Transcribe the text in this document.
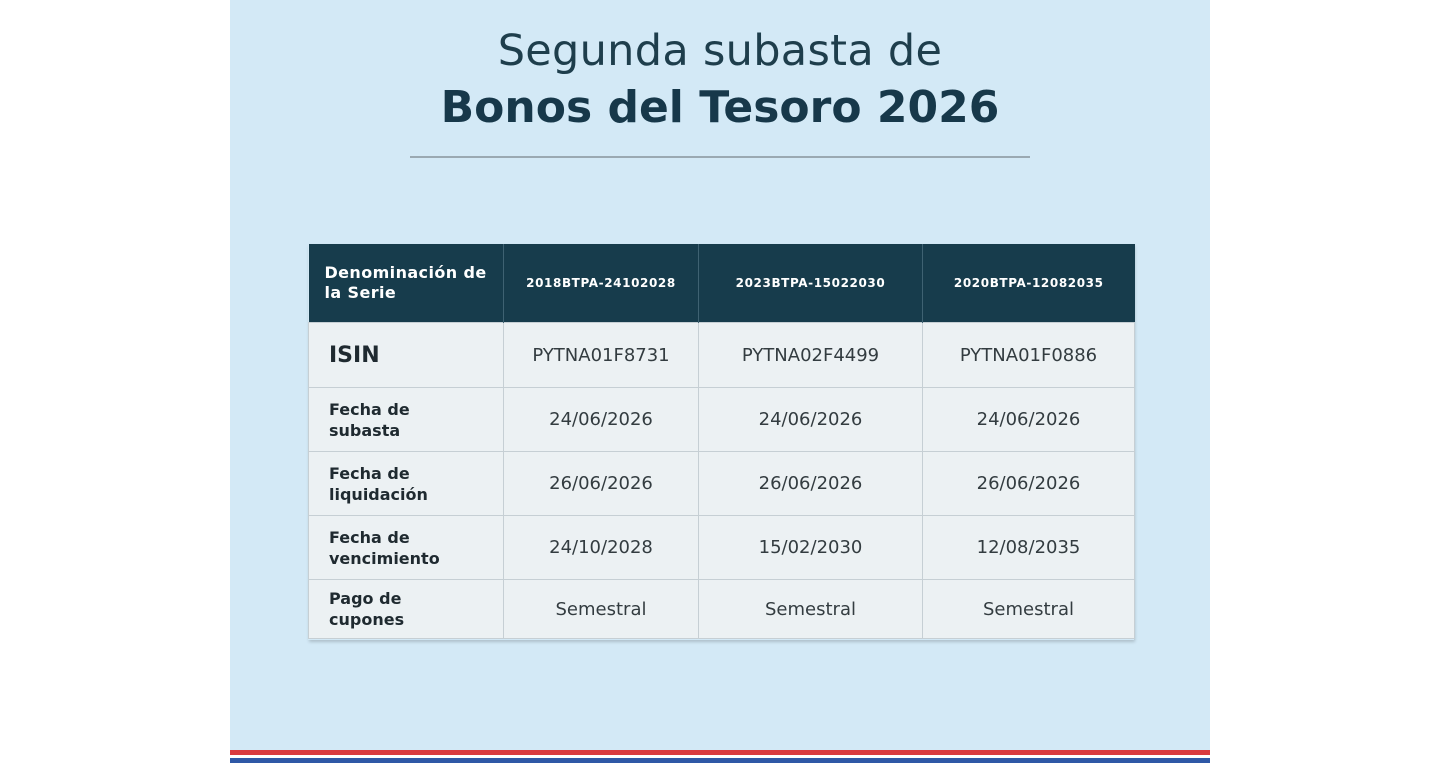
Segunda subasta de
Bonos del Tesoro 2026
Denominación de la Serie	2018BTPA-24102028	2023BTPA-15022030	2020BTPA-12082035
ISIN	PYTNA01F8731	PYTNA02F4499	PYTNA01F0886

Fecha de subasta	24/06/2026	24/06/2026	24/06/2026

Fecha de liquidación	26/06/2026	26/06/2026	26/06/2026

Fecha de vencimiento	24/10/2028	15/02/2030	12/08/2035

Pago de cupones	Semestral	Semestral	Semestral
